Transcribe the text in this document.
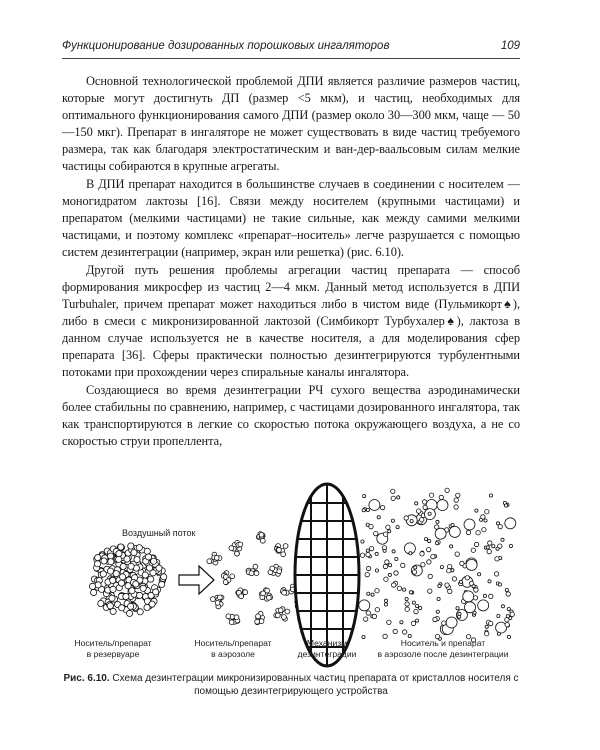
Функционирование дозированных порошковых ингаляторов	109

Основной технологической проблемой ДПИ является различие размеров частиц, которые могут достигнуть ДП (размер <5 мкм), и частиц, необходимых для оптимального функционирования самого ДПИ (размер около 30—300 мкм, чаще — 50—150 мкг). Препарат в ингаляторе не может существовать в виде частиц требуемого размера, так как благодаря электростатическим и ван-дер-ваальсовым силам мелкие частицы собираются в крупные агрегаты.

В ДПИ препарат находится в большинстве случаев в соединении с носителем — моногидратом лактозы [16]. Связи между носителем (крупными частицами) и препаратом (мелкими частицами) не такие сильные, как между самими мелкими частицами, и поэтому комплекс «препарат–носитель» легче разрушается с помощью систем дезинтеграции (например, экран или решетка) (рис. 6.10).

Другой путь решения проблемы агрегации частиц препарата — способ формирования микросфер из частиц 2—4 мкм. Данный метод используется в ДПИ Turbuhaler, причем препарат может находиться либо в чистом виде (Пульмикорт♠), либо в смеси с микронизированной лактозой (Симбикорт Турбухалер♠), лактоза в данном случае используется не в качестве носителя, а для моделирования сфер препарата [36]. Сферы практически полностью дезинтегрируются турбулентными потоками при прохождении через спиральные каналы ингалятора.

Создающиеся во время дезинтеграции РЧ сухого вещества аэродинамически более стабильны по сравнению, например, с частицами дозированного ингалятора, так как транспортируются в легкие со скоростью потока окружающего воздуха, а не со скоростью струи пропеллента,

Воздушный поток
Носитель/препарат
в резервуаре
Носитель/препарат
в аэрозоле
Механизм
дезинтеграции
Носитель и препарат
в аэрозоле после дезинтеграции
Рис. 6.10. Схема дезинтеграции микронизированных частиц препарата от кристаллов носителя с помощью дезинтегрирующего устройства
